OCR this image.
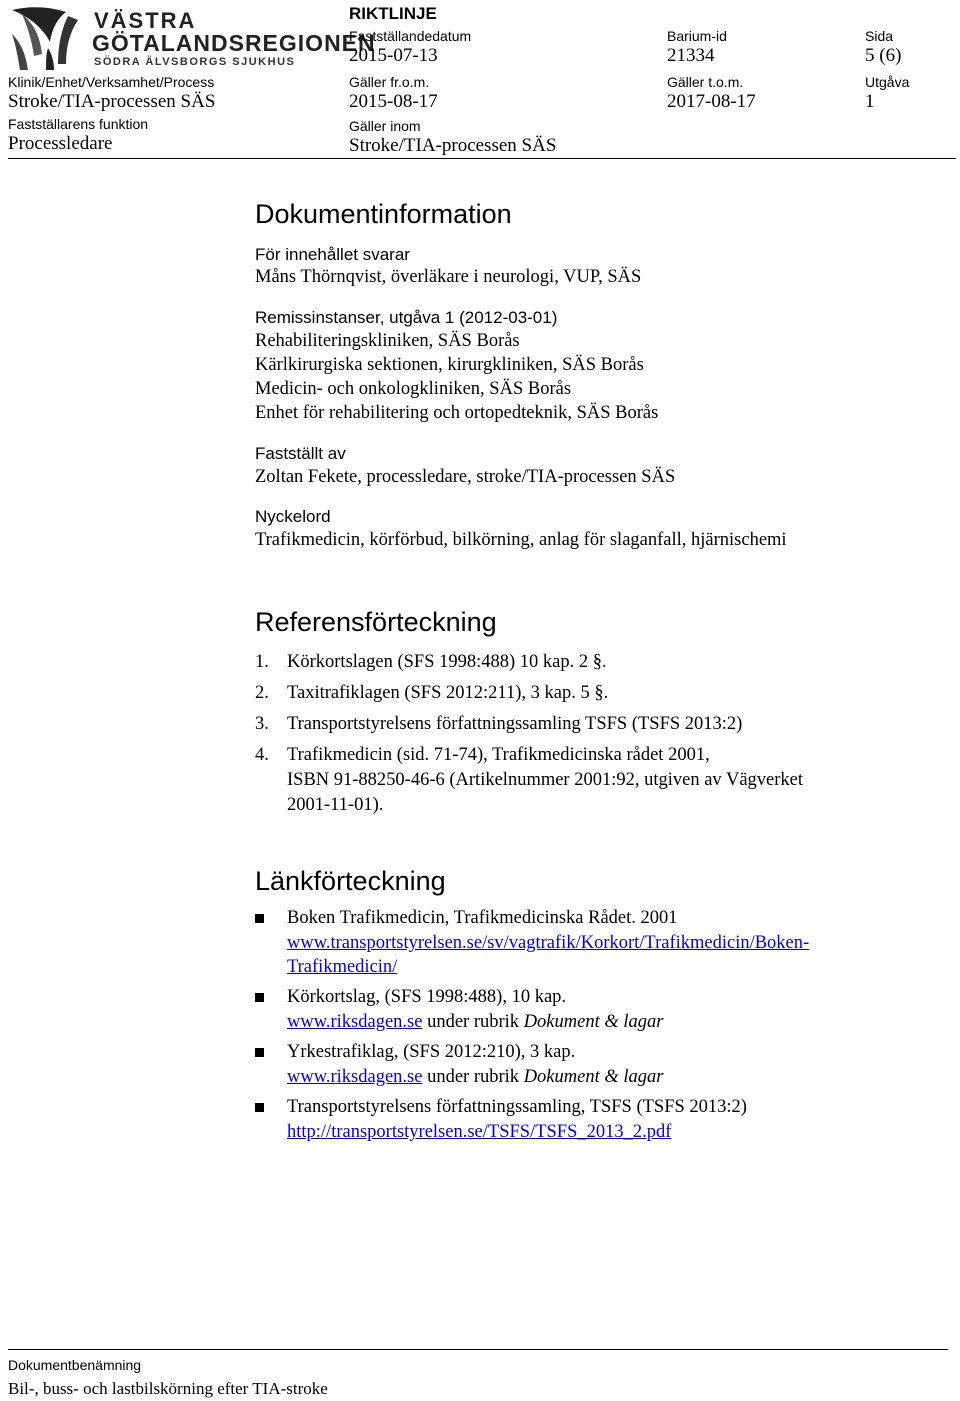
VÄSTRA
GÖTALANDSREGIONEN
SÖDRA ÄLVSBORGS SJUKHUS
RIKTLINJE
Fastställandedatum
2015-07-13
Barium-id
21334
Sida
5 (6)
Klinik/Enhet/Verksamhet/Process
Stroke/TIA-processen SÄS
Gäller fr.o.m.
2015-08-17
Gäller t.o.m.
2017-08-17
Utgåva
1
Fastställarens funktion
Processledare
Gäller inom
Stroke/TIA-processen SÄS
Dokumentinformation
För innehållet svarar
Måns Thörnqvist, överläkare i neurologi, VUP, SÄS
Remissinstanser, utgåva 1 (2012-03-01)
Rehabiliteringskliniken, SÄS Borås
Kärlkirurgiska sektionen, kirurgkliniken, SÄS Borås
Medicin- och onkologkliniken, SÄS Borås
Enhet för rehabilitering och ortopedteknik, SÄS Borås
Fastställt av
Zoltan Fekete, processledare, stroke/TIA-processen SÄS
Nyckelord
Trafikmedicin, körförbud, bilkörning, anlag för slaganfall, hjärnischemi
Referensförteckning
1. Körkortslagen (SFS 1998:488) 10 kap. 2 §.
2. Taxitrafiklagen (SFS 2012:211), 3 kap. 5 §.
3. Transportstyrelsens författningssamling TSFS (TSFS 2013:2)
4. Trafikmedicin (sid. 71-74), Trafikmedicinska rådet 2001,
ISBN 91-88250-46-6 (Artikelnummer 2001:92, utgiven av Vägverket
2001-11-01).
Länkförteckning
Boken Trafikmedicin, Trafikmedicinska Rådet. 2001
www.transportstyrelsen.se/sv/vagtrafik/Korkort/Trafikmedicin/Boken-
Trafikmedicin/
Körkortslag, (SFS 1998:488), 10 kap.
www.riksdagen.se under rubrik Dokument & lagar
Yrkestrafiklag, (SFS 2012:210), 3 kap.
www.riksdagen.se under rubrik Dokument & lagar
Transportstyrelsens författningssamling, TSFS (TSFS 2013:2)
http://transportstyrelsen.se/TSFS/TSFS_2013_2.pdf
Dokumentbenämning
Bil-, buss- och lastbilskörning efter TIA-stroke
